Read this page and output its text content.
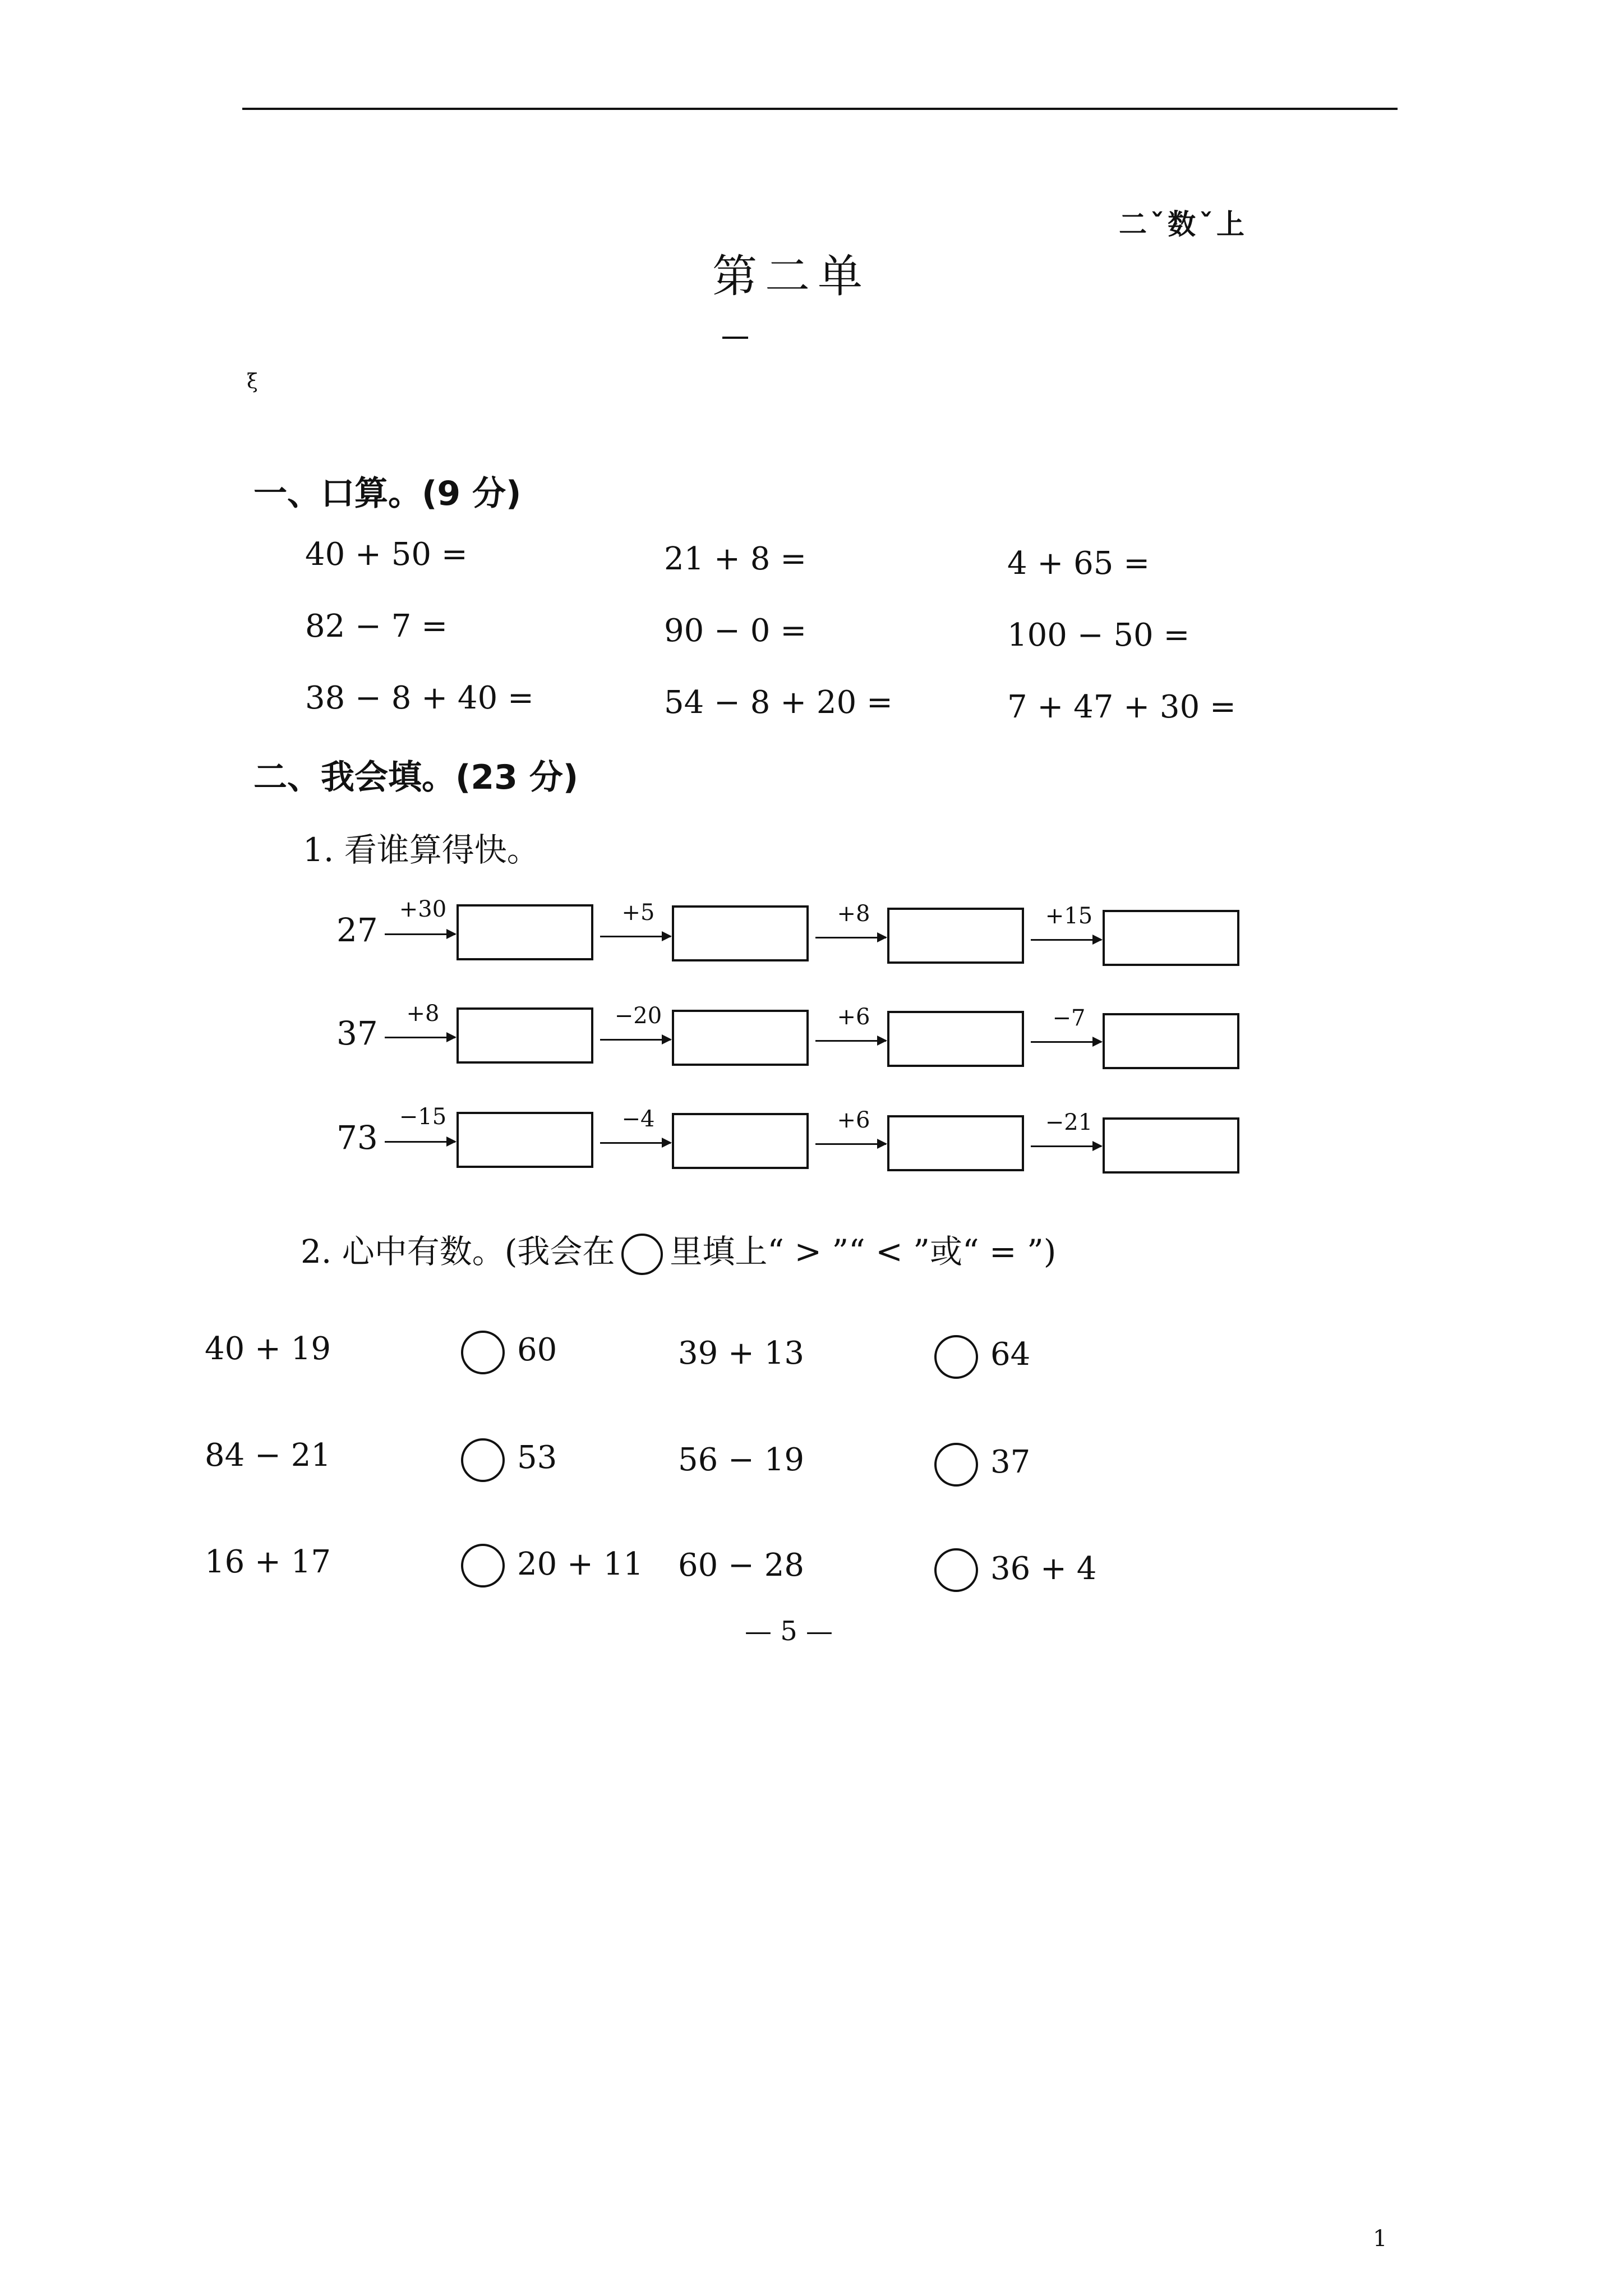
二ˇ数ˇ上
第二单
ξ
一、口算。(9 分)
40 + 50 =	21 + 8 =	4 + 65 =
82 − 7 =	90 − 0 =	100 − 50 =
38 − 8 + 40 =	54 − 8 + 20 =	7 + 47 + 30 =
二、我会填。(23 分)
1. 看谁算得快。
27
+30	+5	+8	+15
37
+8	−20	+6	−7
73
−15	−4	+6	−21
2. 心中有数。(我会在 里填上“ > ”“ < ”或“ = ”)
40 + 19	60	39 + 13	64
84 − 21	53	56 − 19	37
16 + 17	20 + 11	60 − 28	36 + 4
— 5 —
1
